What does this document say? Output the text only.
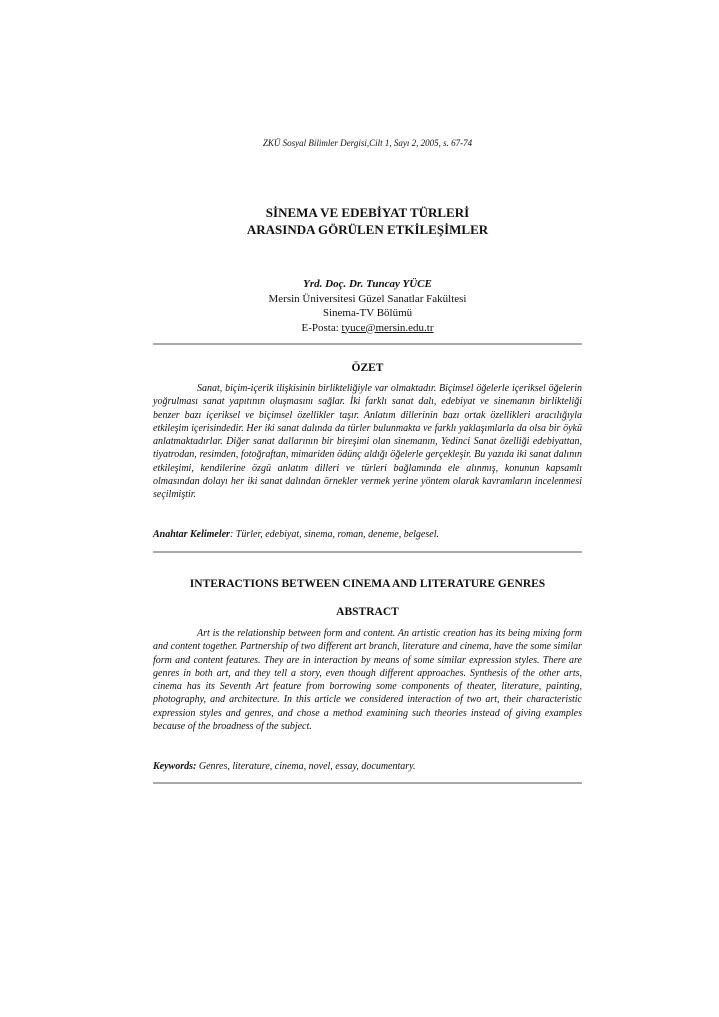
ZKÜ Sosyal Bilimler Dergisi,Cilt 1, Sayı 2, 2005, s. 67-74
SİNEMA VE EDEBİYAT TÜRLERİ
ARASINDA GÖRÜLEN ETKİLEŞİMLER
Yrd. Doç. Dr. Tuncay YÜCE
Mersin Üniversitesi Güzel Sanatlar Fakültesi
Sinema-TV Bölümü
E-Posta: tyuce@mersin.edu.tr
ÖZET

Sanat, biçim-içerik ilişkisinin birlikteliğiyle var olmaktadır. Biçimsel öğelerle içeriksel öğelerin yoğrulması sanat yapıtının oluşmasını sağlar. İki farklı sanat dalı, edebiyat ve sinemanın birlikteliği benzer bazı içeriksel ve biçimsel özellikler taşır. Anlatım dillerinin bazı ortak özellikleri aracılığıyla etkileşim içerisindedir. Her iki sanat dalında da türler bulunmakta ve farklı yaklaşımlarla da olsa bir öykü anlatmaktadırlar. Diğer sanat dallarının bir bireşimi olan sinemanın, Yedinci Sanat özelliği edebiyattan, tiyatrodan, resimden, fotoğraftan, mimariden ödünç aldığı öğelerle gerçekleşir. Bu yazıda iki sanat dalının etkileşimi, kendilerine özgü anlatım dilleri ve türleri bağlamında ele alınmış, konunun kapsamlı olmasından dolayı her iki sanat dalından örnekler vermek yerine yöntem olarak kavramların incelenmesi seçilmiştir.

Anahtar Kelimeler: Türler, edebiyat, sinema, roman, deneme, belgesel.
INTERACTIONS BETWEEN CINEMA AND LITERATURE GENRES
ABSTRACT

Art is the relationship between form and content. An artistic creation has its being mixing form and content together. Partnership of two different art branch, literature and cinema, have the some similar form and content features. They are in interaction by means of some similar expression styles. There are genres in both art, and they tell a story, even though different approaches. Synthesis of the other arts, cinema has its Seventh Art feature from borrowing some components of theater, literature, painting, photography, and architecture. In this article we considered interaction of two art, their characteristic expression styles and genres, and chose a method examining such theories instead of giving examples because of the broadness of the subject.

Keywords: Genres, literature, cinema, novel, essay, documentary.
